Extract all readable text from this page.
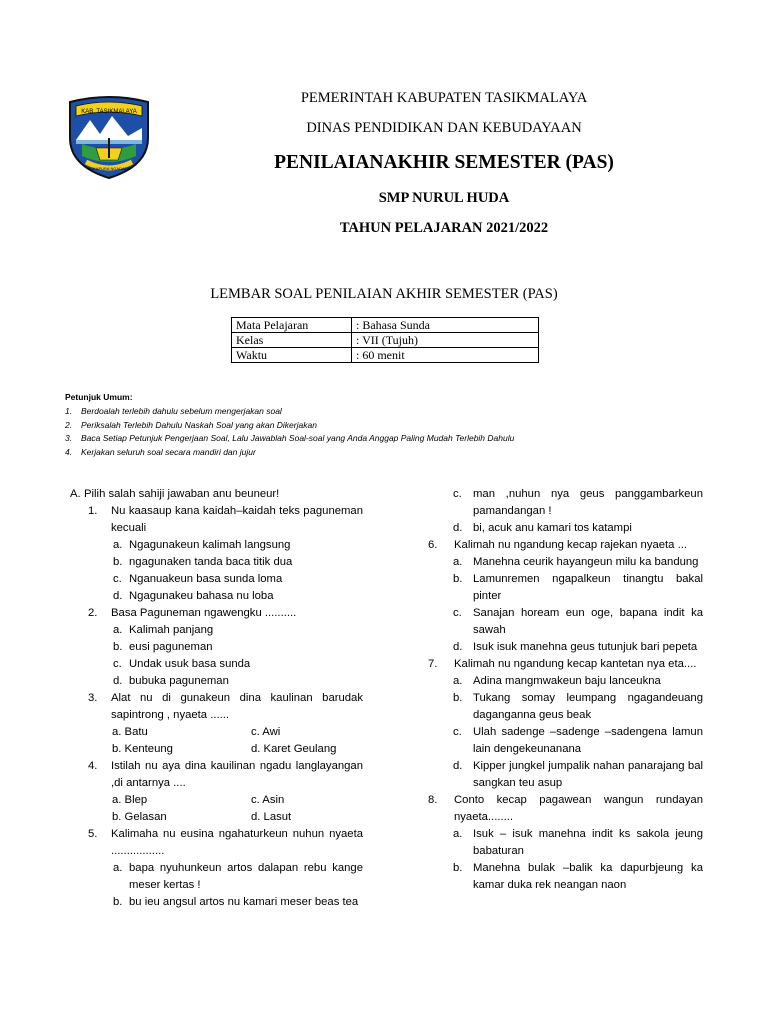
KAB. TASIKMALAYA
SUKAPURA NGADAUN
PEMERINTAH KABUPATEN TASIKMALAYA
DINAS PENDIDIKAN DAN KEBUDAYAAN
PENILAIANAKHIR SEMESTER (PAS)
SMP NURUL HUDA
TAHUN PELAJARAN 2021/2022
LEMBAR SOAL PENILAIAN AKHIR SEMESTER (PAS)
Mata Pelajaran	: Bahasa Sunda
Kelas	: VII (Tujuh)
Waktu	: 60 menit
Petunjuk Umum:
1. Berdoalah terlebih dahulu sebelum mengerjakan soal
2. Periksalah Terlebih Dahulu Naskah Soal yang akan Dikerjakan
3. Baca Setiap Petunjuk Pengerjaan Soal, Lalu Jawablah Soal-soal yang Anda Anggap Paling Mudah Terlebih Dahulu
4. Kerjakan seluruh soal secara mandiri dan jujur
A. Pilih salah sahiji jawaban anu beuneur!
1. Nu kaasaup kana kaidah–kaidah teks paguneman kecuali
a. Ngagunakeun kalimah langsung
b. ngagunaken tanda baca titik dua
c. Nganuakeun basa sunda loma
d. Ngagunakeu bahasa nu loba
2. Basa Paguneman ngawengku ..........
a. Kalimah panjang
b. eusi paguneman
c. Undak usuk basa sunda
d. bubuka paguneman
3. Alat nu di gunakeun dina kaulinan barudak sapintrong , nyaeta ......
a. Batu	c. Awi
b. Kenteung	d. Karet Geulang
4. Istilah nu aya dina kauilinan ngadu langlayangan ,di antarnya ....
a. Blep	c. Asin
b. Gelasan	d. Lasut
5. Kalimaha nu eusina ngahaturkeun nuhun nyaeta .................
a. bapa nyuhunkeun artos dalapan rebu kange meser kertas !
b. bu ieu angsul artos nu kamari meser beas tea
c. man ,nuhun nya geus panggambarkeun pamandangan !
d. bi, acuk anu kamari tos katampi
6. Kalimah nu ngandung kecap rajekan nyaeta ...
a. Manehna ceurik hayangeun milu ka bandung
b. Lamunremen ngapalkeun tinangtu bakal pinter
c. Sanajan hoream eun oge, bapana indit ka sawah
d. Isuk isuk manehna geus tutunjuk bari pepeta
7. Kalimah nu ngandung kecap kantetan nya eta....
a. Adina mangmwakeun baju lanceukna
b. Tukang somay leumpang ngagandeuang daganganna geus beak
c. Ulah sadenge –sadenge –sadengena lamun lain dengekeunanana
d. Kipper jungkel jumpalik nahan panarajang bal sangkan teu asup
8. Conto kecap pagawean wangun rundayan nyaeta........
a. Isuk – isuk manehna indit ks sakola jeung babaturan
b. Manehna bulak –balik ka dapurbjeung ka kamar duka rek neangan naon
